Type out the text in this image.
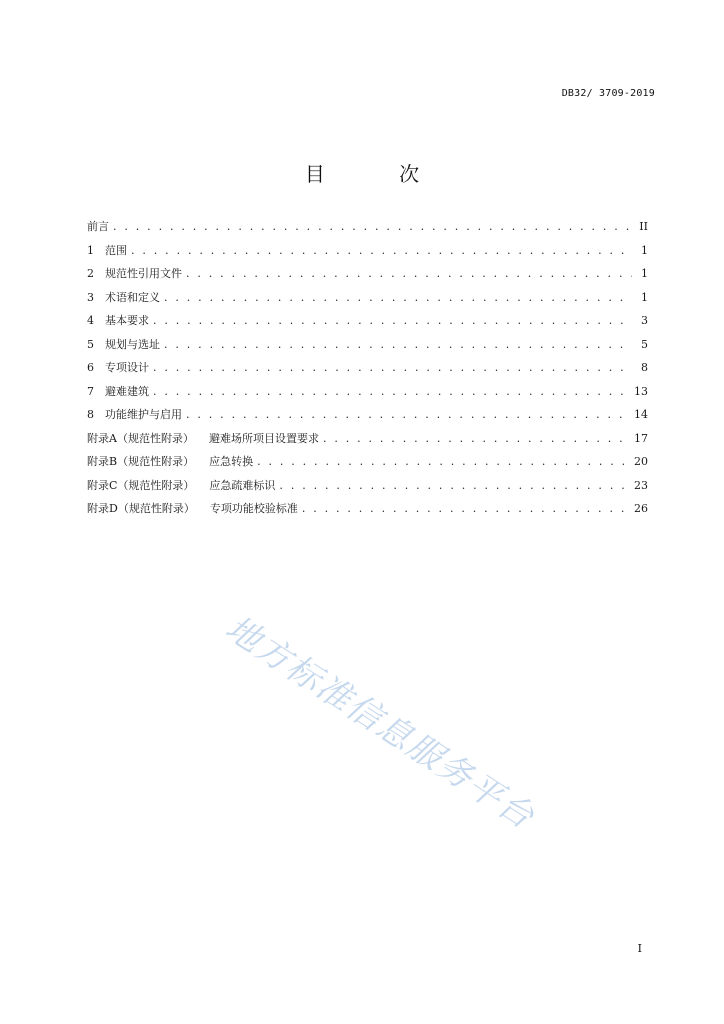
DB32/ 3709-2019
目 次
前言 . . .	II
1	范围 . . .	1
2	规范性引用文件 . . .	1
3	术语和定义 . . .	1
4	基本要求 . . .	3
5	规划与选址 . . .	5
6	专项设计 . . .	8
7	避难建筑 . . .	13
8	功能维护与启用 . . .	14
附录A（规范性附录） 避难场所项目设置要求 . . .	17
附录B（规范性附录） 应急转换 . . .	20
附录C（规范性附录） 应急疏难标识 . . .	23
附录D（规范性附录） 专项功能校验标准 . . .	26
地方标准信息服务平台
I
